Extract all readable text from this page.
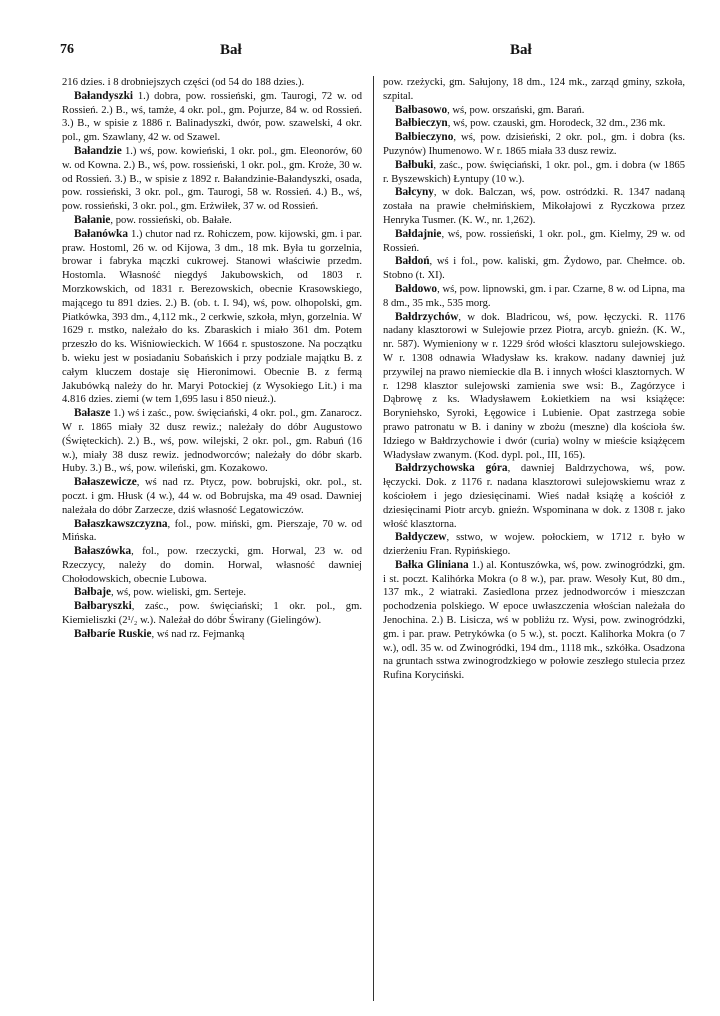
76	Bał	Bał

216 dzies. i 8 drobniejszych części (od 54 do 188 dzies.).

Bałandyszki 1.) dobra, pow. rossieński, gm. Taurogi, 72 w. od Rossień. 2.) B., wś, tamże, 4 okr. pol., gm. Pojurze, 84 w. od Rossień. 3.) B., w spisie z 1886 r. Balinadyszki, dwór, pow. szawelski, 4 okr. pol., gm. Szawlany, 42 w. od Szawel.

Bałandzie 1.) wś, pow. kowieński, 1 okr. pol., gm. Eleonorów, 60 w. od Kowna. 2.) B., wś, pow. rossieński, 1 okr. pol., gm. Kroże, 30 w. od Rossień. 3.) B., w spisie z 1892 r. Bałandzinie-Bałandyszki, osada, pow. rossieński, 3 okr. pol., gm. Taurogi, 58 w. Rossień. 4.) B., wś, pow. rossieński, 3 okr. pol., gm. Erżwiłek, 37 w. od Rossień.

Bałanie, pow. rossieński, ob. Bałałe.

Bałanówka 1.) chutor nad rz. Rohiczem, pow. kijowski, gm. i par. praw. Hostoml, 26 w. od Kijowa, 3 dm., 18 mk. Była tu gorzelnia, browar i fabryka mączki cukrowej. Stanowi właściwie przedm. Hostomla. Własność niegdyś Jakubowskich, od 1803 r. Morzkowskich, od 1831 r. Berezowskich, obecnie Krasowskiego, mającego tu 891 dzies. 2.) B. (ob. t. I. 94), wś, pow. olhopolski, gm. Piatkówka, 393 dm., 4,112 mk., 2 cerkwie, szkoła, młyn, gorzelnia. W 1629 r. mstko, należało do ks. Zbaraskich i miało 361 dm. Potem przeszło do ks. Wiśniowieckich. W 1664 r. spustoszone. Na początku b. wieku jest w posiadaniu Sobańskich i przy podziale majątku B. z całym kluczem dostaje się Hieronimowi. Obecnie B. z fermą Jakubówką należy do hr. Maryi Potockiej (z Wysokiego Lit.) i ma 4.816 dzies. ziemi (w tem 1,695 lasu i 850 nieuż.).

Bałasze 1.) wś i zaśc., pow. święciański, 4 okr. pol., gm. Zanarocz. W r. 1865 miały 32 dusz rewiz.; należały do dóbr Augustowo (Święteckich). 2.) B., wś, pow. wilejski, 2 okr. pol., gm. Rabuń (16 w.), miały 38 dusz rewiz. jednodworców; należały do dóbr skarb. Huby. 3.) B., wś, pow. wileński, gm. Kozakowo.

Bałaszewicze, wś nad rz. Ptycz, pow. bobrujski, okr. pol., st. poczt. i gm. Hłusk (4 w.), 44 w. od Bobrujska, ma 49 osad. Dawniej należała do dóbr Zarzecze, dziś własność Legatowiczów.

Bałaszkawszczyzna, fol., pow. miński, gm. Pierszaje, 70 w. od Mińska.

Bałaszówka, fol., pow. rzeczycki, gm. Horwal, 23 w. od Rzeczycy, należy do domin. Horwal, własność dawniej Chołodowskich, obecnie Lubowa.

Bałbaje, wś, pow. wieliski, gm. Serteje.

Bałbaryszki, zaśc., pow. święciański; 1 okr. pol., gm. Kiemieliszki (2¹/₂ w.). Należał do dóbr Świrany (Gielingów).

Bałbaríe Ruskie, wś nad rz. Fejmanką

pow. rzeżycki, gm. Sałujony, 18 dm., 124 mk., zarząd gminy, szkoła, szpital.

Bałbasowo, wś, pow. orszański, gm. Barań.

Bałbieczyn, wś, pow. czauski, gm. Horodeck, 32 dm., 236 mk.

Bałbieczyno, wś, pow. dzisieński, 2 okr. pol., gm. i dobra (ks. Puzynów) Ihumenowo. W r. 1865 miała 33 dusz rewiz.

Bałbuki, zaśc., pow. święciański, 1 okr. pol., gm. i dobra (w 1865 r. Byszewskich) Łyntupy (10 w.).

Bałcyny, w dok. Balczan, wś, pow. ostródzki. R. 1347 nadaną została na prawie chełmińskiem, Mikołajowi z Ryczkowa przez Henryka Tusmer. (K. W., nr. 1,262).

Bałdajnie, wś, pow. rossieński, 1 okr. pol., gm. Kielmy, 29 w. od Rossień.

Bałdoń, wś i fol., pow. kaliski, gm. Żydowo, par. Chełmce. ob. Stobno (t. XI).

Bałdowo, wś, pow. lipnowski, gm. i par. Czarne, 8 w. od Lipna, ma 8 dm., 35 mk., 535 morg.

Bałdrzychów, w dok. Bladricou, wś, pow. łęczycki. R. 1176 nadany klasztorowi w Sulejowie przez Piotra, arcyb. gnieźn. (K. W., nr. 587). Wymieniony w r. 1229 śród włości klasztoru sulejowskiego. W r. 1308 odnawia Władysław ks. krakow. nadany dawniej już przywilej na prawo niemieckie dla B. i innych włości klasztornych. W r. 1298 klasztor sulejowski zamienia swe wsi: B., Zagórzyce i Dąbrowę z ks. Władysławem Łokietkiem na wsi książęce: Boryniehsko, Syroki, Łęgowice i Lubienie. Opat zastrzega sobie prawo patronatu w B. i daniny w zbożu (meszne) dla kościoła św. Idziego w Bałdrzychowie i dwór (curia) wolny w mieście książęcem Władysław zwanym. (Kod. dypl. pol., III, 165).

Bałdrzychowska góra, dawniej Baldrzychowa, wś, pow. łęczycki. Dok. z 1176 r. nadana klasztorowi sulejowskiemu wraz z kościołem i jego dziesięcinami. Wieś nadał książę a kościół z dziesięcinami Piotr arcyb. gnieźn. Wspominana w dok. z 1308 r. jako włość klasztorna.

Bałdyczew, sstwo, w wojew. połockiem, w 1712 r. było w dzierżeniu Fran. Rypińskiego.

Bałka Gliniana 1.) al. Kontuszówka, wś, pow. zwinogródzki, gm. i st. poczt. Kalihórka Mokra (o 8 w.), par. praw. Wesoły Kut, 80 dm., 137 mk., 2 wiatraki. Zasiedlona przez jednodworców i mieszczan pochodzenia polskiego. W epoce uwłaszczenia włościan należała do Jenochina. 2.) B. Lisicza, wś w pobliżu rz. Wysi, pow. zwinogródzki, gm. i par. praw. Petrykówka (o 5 w.), st. poczt. Kalihorka Mokra (o 7 w.), odl. 35 w. od Zwinogródki, 194 dm., 1118 mk., szkółka. Osadzona na gruntach sstwa zwinogrodzkiego w połowie zeszłego stulecia przez Rufina Koryciński.
